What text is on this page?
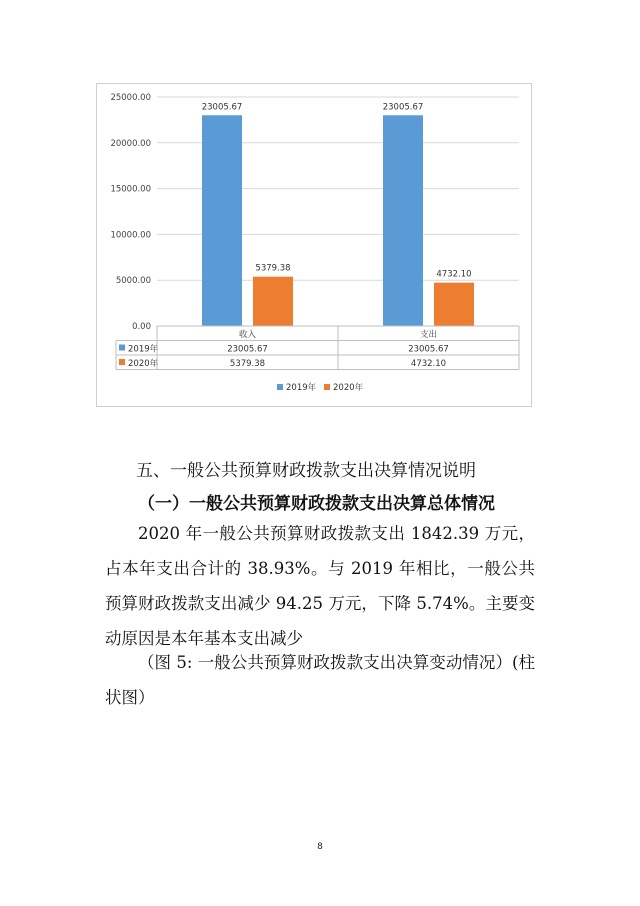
25000.00
20000.00
15000.00
10000.00
5000.00
0.00
23005.67	23005.67
5379.38
4732.10
收入	支出
2019年	23005.67	23005.67
2020年	5379.38	4732.10
2019年 2020年
五、一般公共预算财政拨款支出决算情况说明
（一）一般公共预算财政拨款支出决算总体情况
2020 年一般公共预算财政拨款支出 1842.39 万元，占本年支出合计的 38.93%。与 2019 年相比，一般公共预算财政拨款支出减少 94.25 万元，下降 5.74%。主要变动原因是本年基本支出减少
（图 5: 一般公共预算财政拨款支出决算变动情况）(柱状图）
8
